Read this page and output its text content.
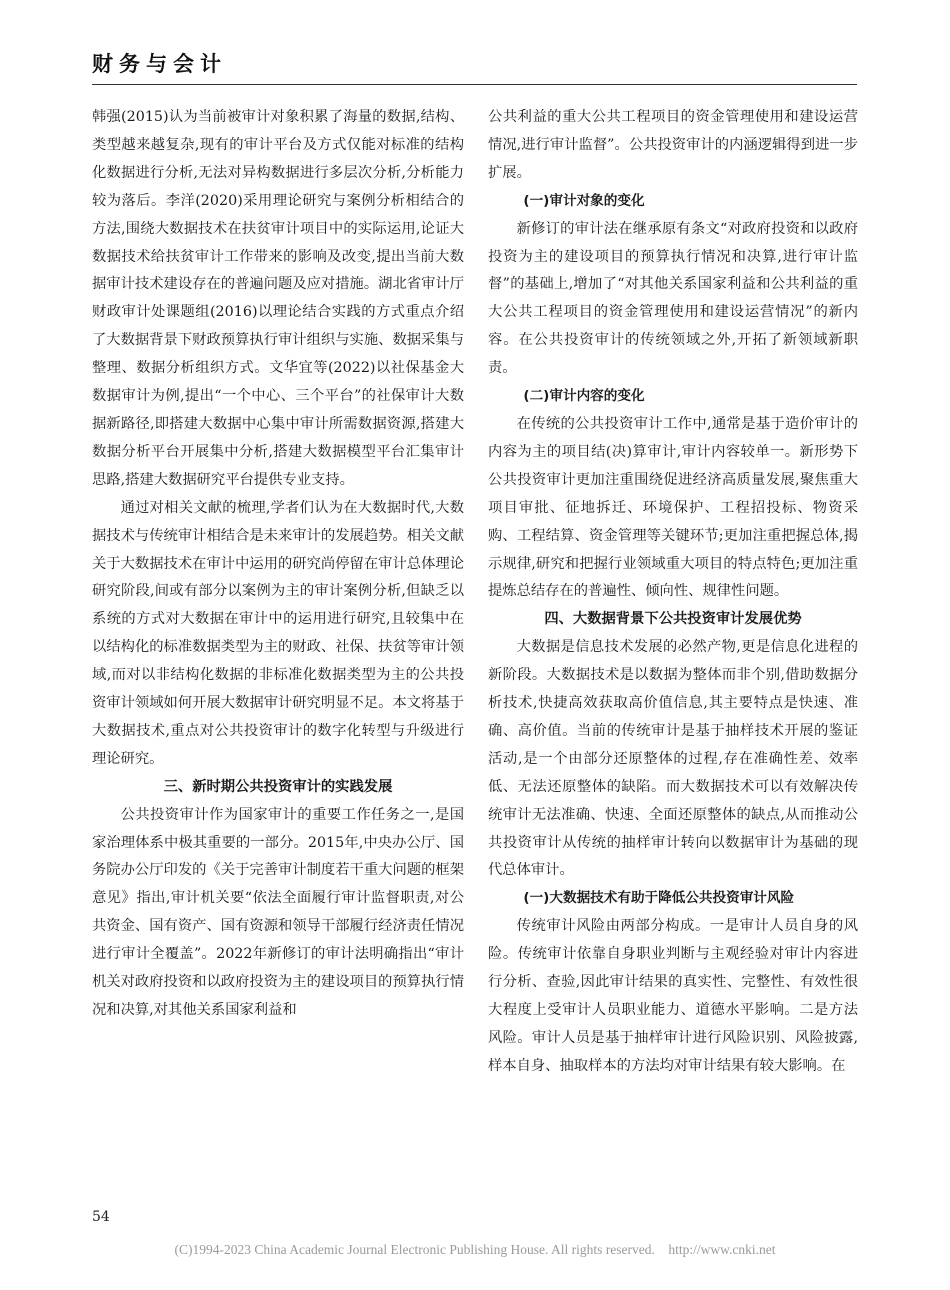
财务与会计

韩强(2015)认为当前被审计对象积累了海量的数据,结构、类型越来越复杂,现有的审计平台及方式仅能对标准的结构化数据进行分析,无法对异构数据进行多层次分析,分析能力较为落后。李洋(2020)采用理论研究与案例分析相结合的方法,围绕大数据技术在扶贫审计项目中的实际运用,论证大数据技术给扶贫审计工作带来的影响及改变,提出当前大数据审计技术建设存在的普遍问题及应对措施。湖北省审计厅财政审计处课题组(2016)以理论结合实践的方式重点介绍了大数据背景下财政预算执行审计组织与实施、数据采集与整理、数据分析组织方式。文华宜等(2022)以社保基金大数据审计为例,提出“一个中心、三个平台”的社保审计大数据新路径,即搭建大数据中心集中审计所需数据资源,搭建大数据分析平台开展集中分析,搭建大数据模型平台汇集审计思路,搭建大数据研究平台提供专业支持。

通过对相关文献的梳理,学者们认为在大数据时代,大数据技术与传统审计相结合是未来审计的发展趋势。相关文献关于大数据技术在审计中运用的研究尚停留在审计总体理论研究阶段,间或有部分以案例为主的审计案例分析,但缺乏以系统的方式对大数据在审计中的运用进行研究,且较集中在以结构化的标准数据类型为主的财政、社保、扶贫等审计领域,而对以非结构化数据的非标准化数据类型为主的公共投资审计领域如何开展大数据审计研究明显不足。本文将基于大数据技术,重点对公共投资审计的数字化转型与升级进行理论研究。

三、新时期公共投资审计的实践发展

公共投资审计作为国家审计的重要工作任务之一,是国家治理体系中极其重要的一部分。2015年,中央办公厅、国务院办公厅印发的《关于完善审计制度若干重大问题的框架意见》指出,审计机关要“依法全面履行审计监督职责,对公共资金、国有资产、国有资源和领导干部履行经济责任情况进行审计全覆盖”。2022年新修订的审计法明确指出“审计机关对政府投资和以政府投资为主的建设项目的预算执行情况和决算,对其他关系国家利益和

公共利益的重大公共工程项目的资金管理使用和建设运营情况,进行审计监督”。公共投资审计的内涵逻辑得到进一步扩展。

(一)审计对象的变化

新修订的审计法在继承原有条文“对政府投资和以政府投资为主的建设项目的预算执行情况和决算,进行审计监督”的基础上,增加了“对其他关系国家利益和公共利益的重大公共工程项目的资金管理使用和建设运营情况”的新内容。在公共投资审计的传统领域之外,开拓了新领域新职责。

(二)审计内容的变化

在传统的公共投资审计工作中,通常是基于造价审计的内容为主的项目结(决)算审计,审计内容较单一。新形势下公共投资审计更加注重围绕促进经济高质量发展,聚焦重大项目审批、征地拆迁、环境保护、工程招投标、物资采购、工程结算、资金管理等关键环节;更加注重把握总体,揭示规律,研究和把握行业领域重大项目的特点特色;更加注重提炼总结存在的普遍性、倾向性、规律性问题。

四、大数据背景下公共投资审计发展优势

大数据是信息技术发展的必然产物,更是信息化进程的新阶段。大数据技术是以数据为整体而非个别,借助数据分析技术,快捷高效获取高价值信息,其主要特点是快速、准确、高价值。当前的传统审计是基于抽样技术开展的鉴证活动,是一个由部分还原整体的过程,存在准确性差、效率低、无法还原整体的缺陷。而大数据技术可以有效解决传统审计无法准确、快速、全面还原整体的缺点,从而推动公共投资审计从传统的抽样审计转向以数据审计为基础的现代总体审计。

(一)大数据技术有助于降低公共投资审计风险

传统审计风险由两部分构成。一是审计人员自身的风险。传统审计依靠自身职业判断与主观经验对审计内容进行分析、查验,因此审计结果的真实性、完整性、有效性很大程度上受审计人员职业能力、道德水平影响。二是方法风险。审计人员是基于抽样审计进行风险识别、风险披露,样本自身、抽取样本的方法均对审计结果有较大影响。在

54
(C)1994-2023 China Academic Journal Electronic Publishing House. All rights reserved.    http://www.cnki.net
